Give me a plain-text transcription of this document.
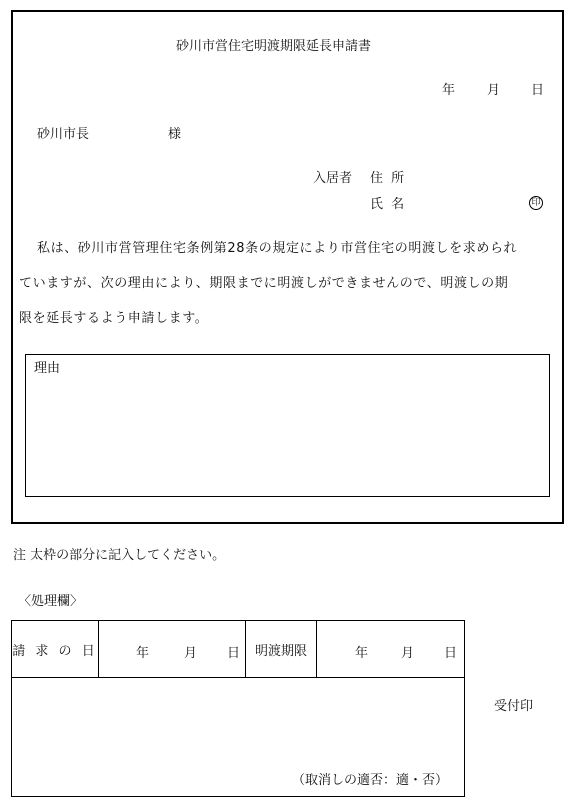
砂川市営住宅明渡期限延長申請書
年 月 日
砂川市長	様
入居者 住 所
氏 名	印
私は、砂川市営管理住宅条例第28条の規定により市営住宅の明渡しを求められ
ていますが、次の理由により、期限までに明渡しができませんので、明渡しの期
限を延長するよう申請します。
理由
注 太枠の部分に記入してください。
〈処理欄〉
請 求 の 日	年	月 日	明渡期限	年	月 日

（取消しの適否：適・否）
受付印
